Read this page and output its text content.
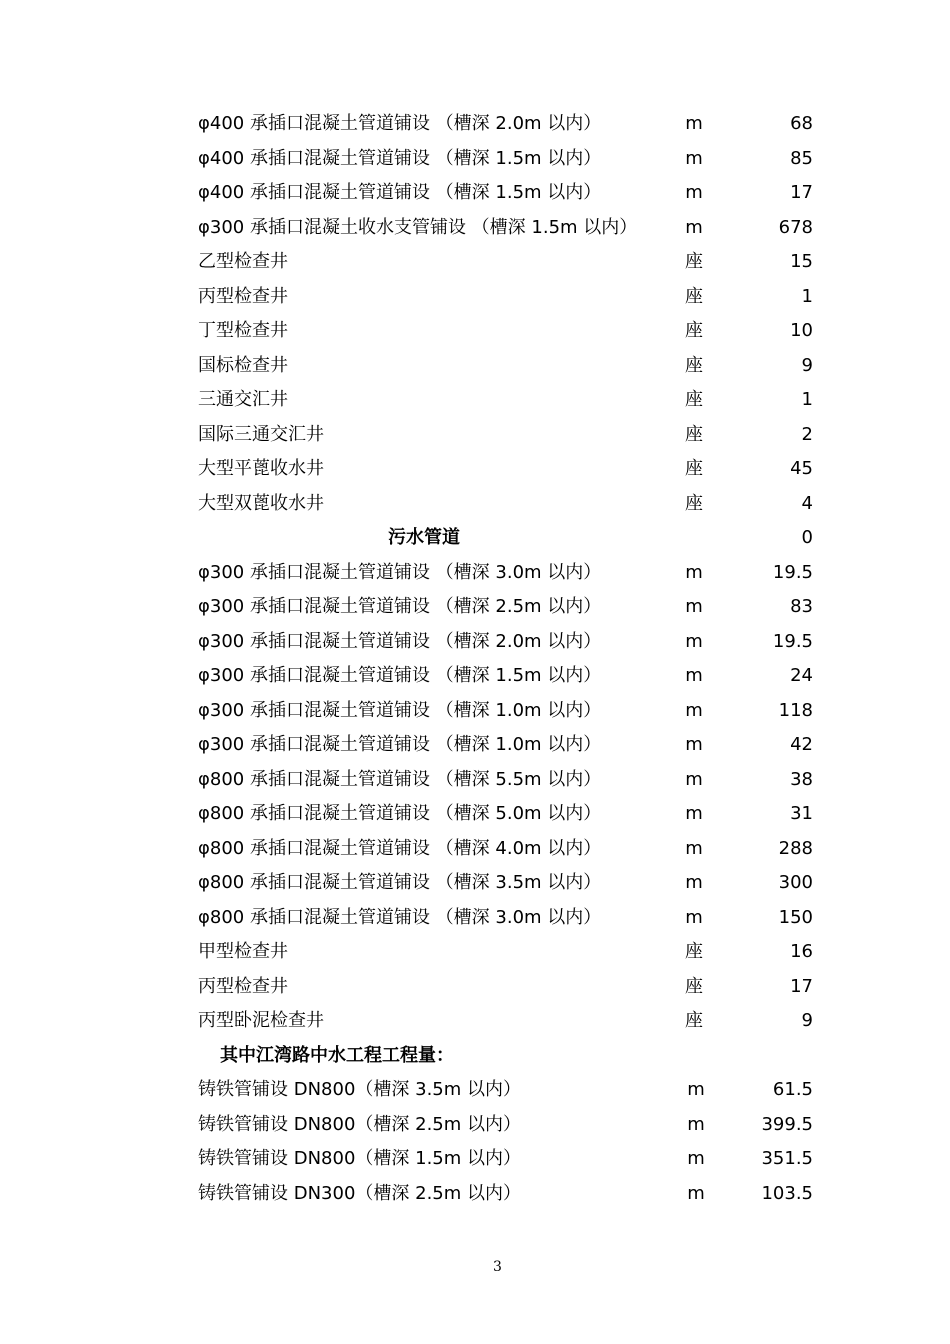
φ400 承插口混凝土管道铺设 （槽深 2.0m 以内）	m	68
φ400 承插口混凝土管道铺设 （槽深 1.5m 以内）	m	85
φ400 承插口混凝土管道铺设 （槽深 1.5m 以内）	m	17
φ300 承插口混凝土收水支管铺设 （槽深 1.5m 以内）	m	678
乙型检查井	座	15
丙型检查井	座	1
丁型检查井	座	10
国标检查井	座	9
三通交汇井	座	1
国际三通交汇井	座	2
大型平蓖收水井	座	45
大型双蓖收水井	座	4
污水管道	0
φ300 承插口混凝土管道铺设 （槽深 3.0m 以内）	m	19.5
φ300 承插口混凝土管道铺设 （槽深 2.5m 以内）	m	83
φ300 承插口混凝土管道铺设 （槽深 2.0m 以内）	m	19.5
φ300 承插口混凝土管道铺设 （槽深 1.5m 以内）	m	24
φ300 承插口混凝土管道铺设 （槽深 1.0m 以内）	m	118
φ300 承插口混凝土管道铺设 （槽深 1.0m 以内）	m	42
φ800 承插口混凝土管道铺设 （槽深 5.5m 以内）	m	38
φ800 承插口混凝土管道铺设 （槽深 5.0m 以内）	m	31
φ800 承插口混凝土管道铺设 （槽深 4.0m 以内）	m	288
φ800 承插口混凝土管道铺设 （槽深 3.5m 以内）	m	300
φ800 承插口混凝土管道铺设 （槽深 3.0m 以内）	m	150
甲型检查井	座	16
丙型检查井	座	17
丙型卧泥检查井	座	9
其中江湾路中水工程工程量：
铸铁管铺设 DN800（槽深 3.5m 以内）	m	61.5
铸铁管铺设 DN800（槽深 2.5m 以内）	m	399.5
铸铁管铺设 DN800（槽深 1.5m 以内）	m	351.5
铸铁管铺设 DN300（槽深 2.5m 以内）	m	103.5
3
